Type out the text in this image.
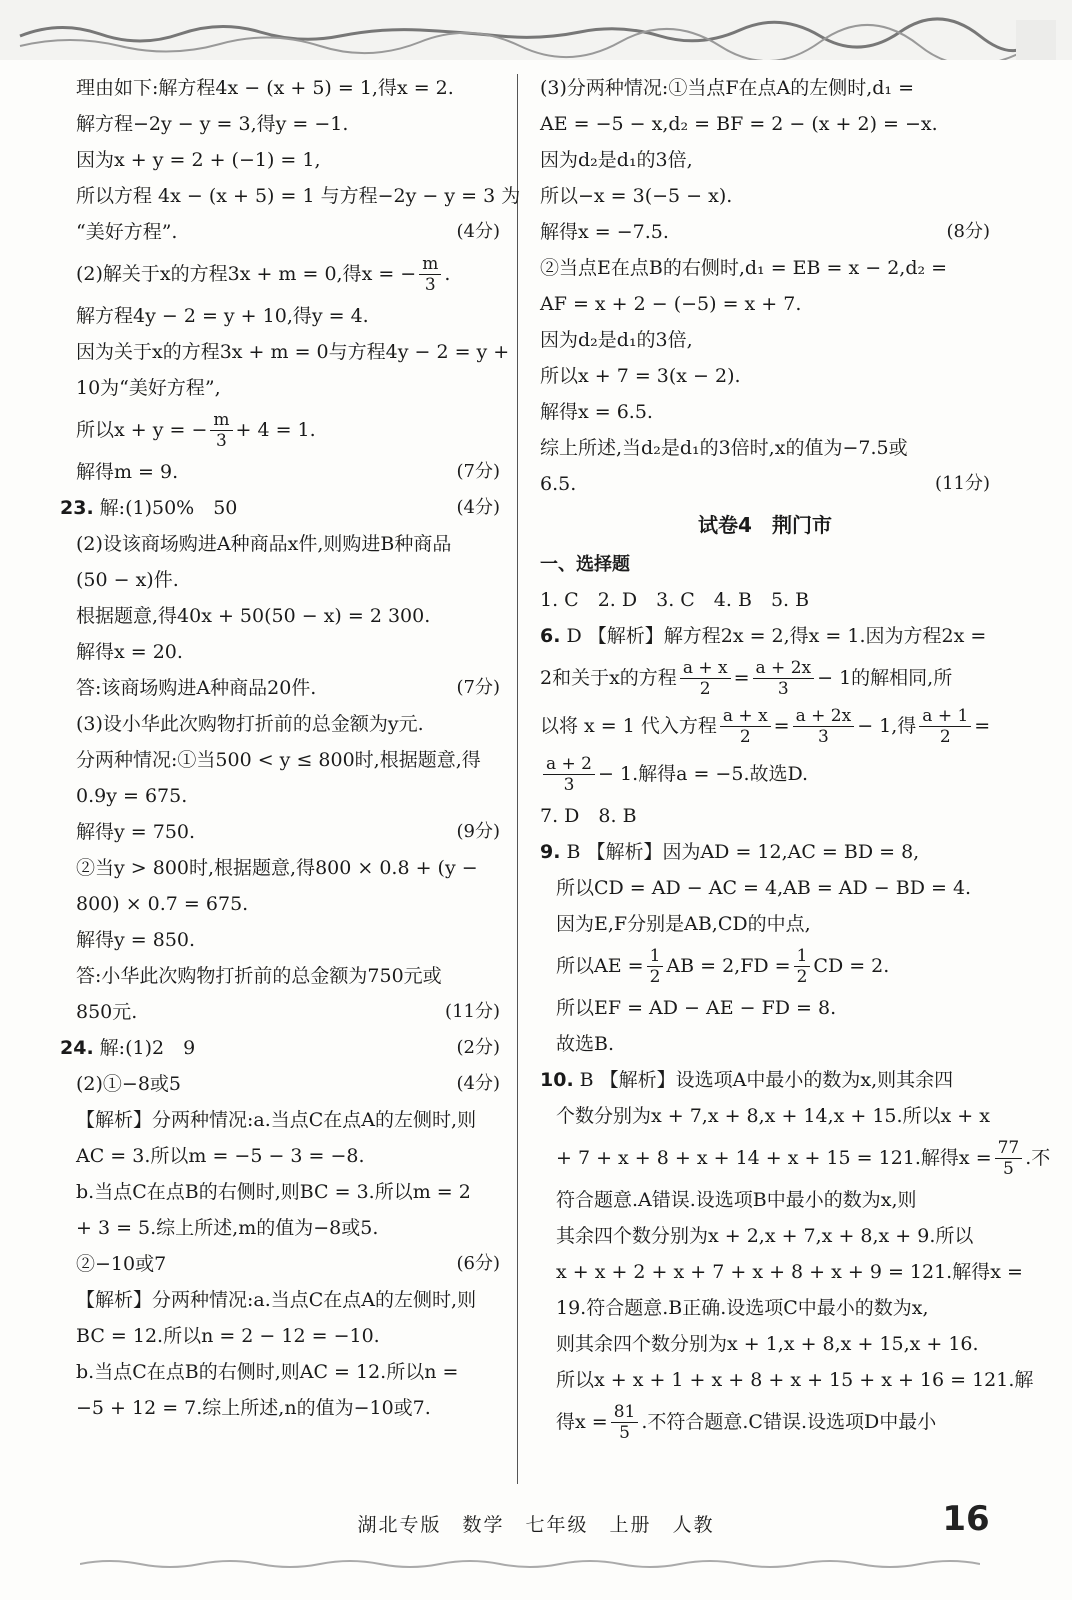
理由如下:解方程4x − (x + 5) = 1,得x = 2.
解方程−2y − y = 3,得y = −1.
因为x + y = 2 + (−1) = 1,
所以方程 4x − (x + 5) = 1 与方程−2y − y = 3 为
“美好方程”.	(4分)
(2)解关于x的方程3x + m = 0,得x = − $\frac{m}{3}$ .
解方程4y − 2 = y + 10,得y = 4.
因为关于x的方程3x + m = 0与方程4y − 2 = y +
10为“美好方程”,
所以x + y = − $\frac{m}{3} + 4 = 1$.
解得m = 9.	(7分)
23. 解:(1)50%　50	(4分)
(2)设该商场购进A种商品x件,则购进B种商品
(50 − x)件.
根据题意,得40x + 50(50 − x) = 2 300.
解得x = 20.
答:该商场购进A种商品20件.	(7分)
(3)设小华此次购物打折前的总金额为y元.
分两种情况:①当500 < y ≤ 800时,根据题意,得
0.9y = 675.
解得y = 750.	(9分)
②当y > 800时,根据题意,得800 × 0.8 + (y −
800) × 0.7 = 675.
解得y = 850.
答:小华此次购物打折前的总金额为750元或
850元.	(11分)
24. 解:(1)2　9	(2分)
(2)①−8或5	(4分)
【解析】分两种情况:a.当点C在点A的左侧时,则
AC = 3.所以m = −5 − 3 = −8.
b.当点C在点B的右侧时,则BC = 3.所以m = 2
+ 3 = 5.综上所述,m的值为−8或5.
②−10或7	(6分)
【解析】分两种情况:a.当点C在点A的左侧时,则
BC = 12.所以n = 2 − 12 = −10.
b.当点C在点B的右侧时,则AC = 12.所以n =
−5 + 12 = 7.综上所述,n的值为−10或7.
(3)分两种情况:①当点F在点A的左侧时,d₁ =
AE = −5 − x,d₂ = BF = 2 − (x + 2) = −x.
因为d₂是d₁的3倍,
所以−x = 3(−5 − x).
解得x = −7.5.	(8分)
②当点E在点B的右侧时,d₁ = EB = x − 2,d₂ =
AF = x + 2 − (−5) = x + 7.
因为d₂是d₁的3倍,
所以x + 7 = 3(x − 2).
解得x = 6.5.
综上所述,当d₂是d₁的3倍时,x的值为−7.5或
6.5.	(11分)
试卷4　荆门市
一、选择题
1. C　2. D　3. C　4. B　5. B
6. D 【解析】解方程2x = 2,得x = 1.因为方程2x =
2和关于x的方程 $\frac{a + x}{2} = \frac{a + 2x}{3} - 1$的解相同,所
以将 x = 1 代入方程 $\frac{a + x}{2} = \frac{a + 2x}{3} - 1$,得 $\frac{a + 1}{2}$ =
$\frac{a + 2}{3} - 1$.解得a = −5.故选D.
7. D　8. B
9. B 【解析】因为AD = 12,AC = BD = 8,
所以CD = AD − AC = 4,AB = AD − BD = 4.
因为E,F分别是AB,CD的中点,
所以AE = $\frac{1}{2}$ AB = $2,FD = \frac{1}{2}$ CD = 2.
所以EF = AD − AE − FD = 8.
故选B.
10. B 【解析】设选项A中最小的数为x,则其余四
个数分别为x + 7,x + 8,x + 14,x + 15.所以x + x
+ 7 + x + 8 + x + 14 + x + 15 = 121.解得$x = \frac{77}{5}$ .不
符合题意.A错误.设选项B中最小的数为x,则
其余四个数分别为x + 2,x + 7,x + 8,x + 9.所以
x + x + 2 + x + 7 + x + 8 + x + 9 = 121.解得x =
19.符合题意.B正确.设选项C中最小的数为x,
则其余四个数分别为x + 1,x + 8,x + 15,x + 16.
所以x + x + 1 + x + 8 + x + 15 + x + 16 = 121.解
得$x = \frac{81}{5}$ .不符合题意.C错误.设选项D中最小
湖北专版　数学　七年级　上册　人教	16
